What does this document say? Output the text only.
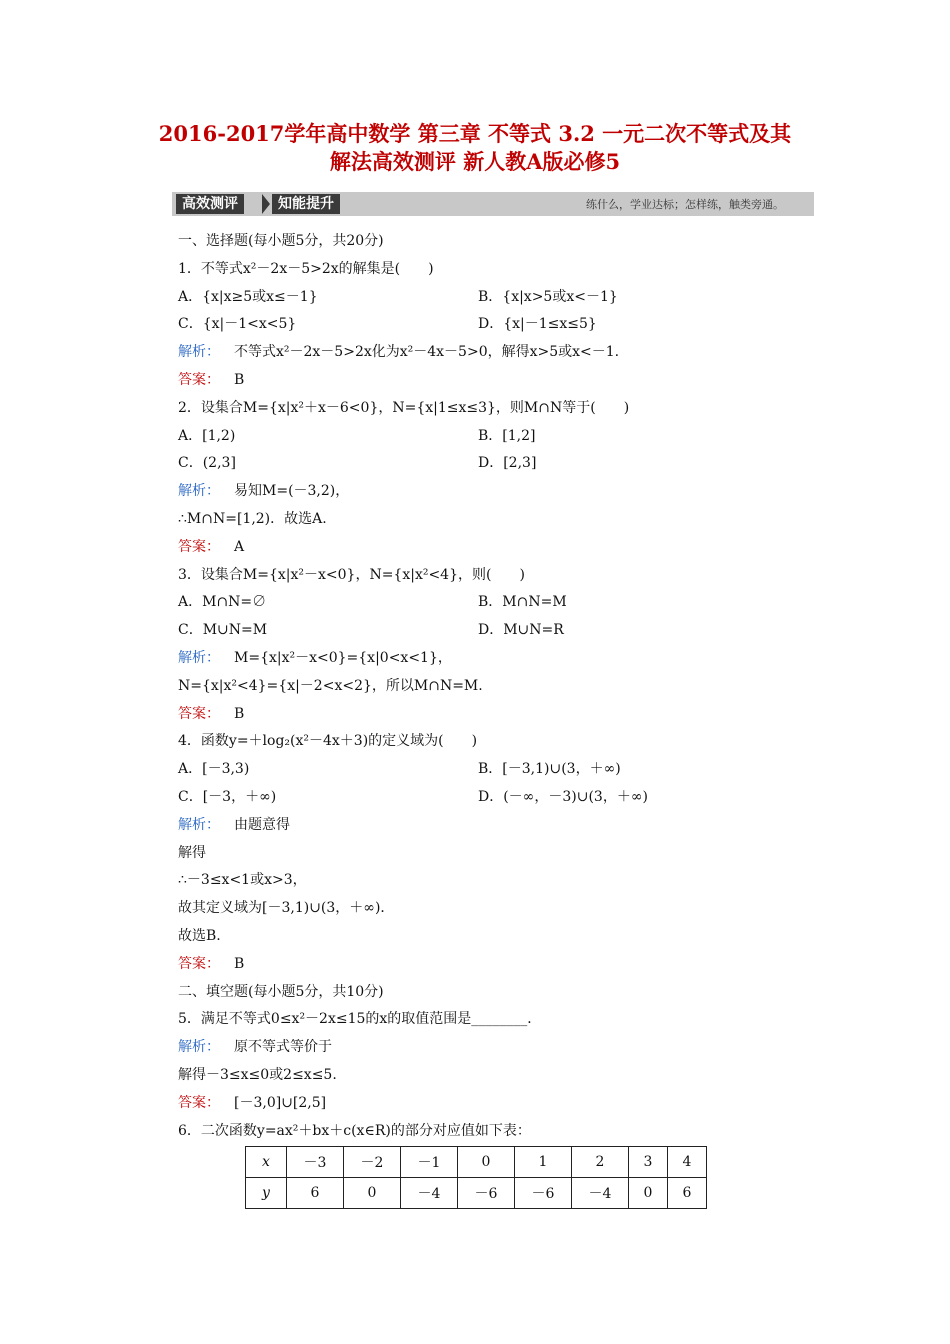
2016-2017学年高中数学 第三章 不等式 3.2 一元二次不等式及其
解法高效测评 新人教A版必修5
高效测评	知能提升	练什么，学业达标；怎样练，触类旁通。
一、选择题(每小题5分，共20分)
1．不等式x²－2x－5>2x的解集是(　　)
A．{x|x≥5或x≤－1}	B．{x|x>5或x<－1}
C．{x|－1<x<5}	D．{x|－1≤x≤5}
解析： 不等式x²－2x－5>2x化为x²－4x－5>0，解得x>5或x<－1.
答案： B
2．设集合M={x|x²＋x－6<0}，N={x|1≤x≤3}，则M∩N等于(　　)
A．[1,2)	B．[1,2]
C．(2,3]	D．[2,3]
解析： 易知M=(－3,2)，
∴M∩N=[1,2)．故选A.
答案： A
3．设集合M={x|x²－x<0}，N={x|x²<4}，则(　　)
A．M∩N=∅	B．M∩N=M
C．M∪N=M	D．M∪N=R
解析： M={x|x²－x<0}={x|0<x<1}，
N={x|x²<4}={x|－2<x<2}，所以M∩N=M.
答案： B
4．函数y=＋log₂(x²－4x＋3)的定义域为(　　)
A．[－3,3)	B．[－3,1)∪(3，＋∞)
C．[－3，＋∞)	D．(－∞，－3)∪(3，＋∞)
解析： 由题意得
解得
∴－3≤x<1或x>3，
故其定义域为[－3,1)∪(3，＋∞)．
故选B.
答案： B
二、填空题(每小题5分，共10分)
5．满足不等式0≤x²－2x≤15的x的取值范围是________．
解析： 原不等式等价于
解得－3≤x≤0或2≤x≤5.
答案： [－3,0]∪[2,5]
6．二次函数y=ax²＋bx＋c(x∈R)的部分对应值如下表：
x	－3	－2	－1	0	1	2	3	4
y	6	0	－4	－6	－6	－4	0	6
